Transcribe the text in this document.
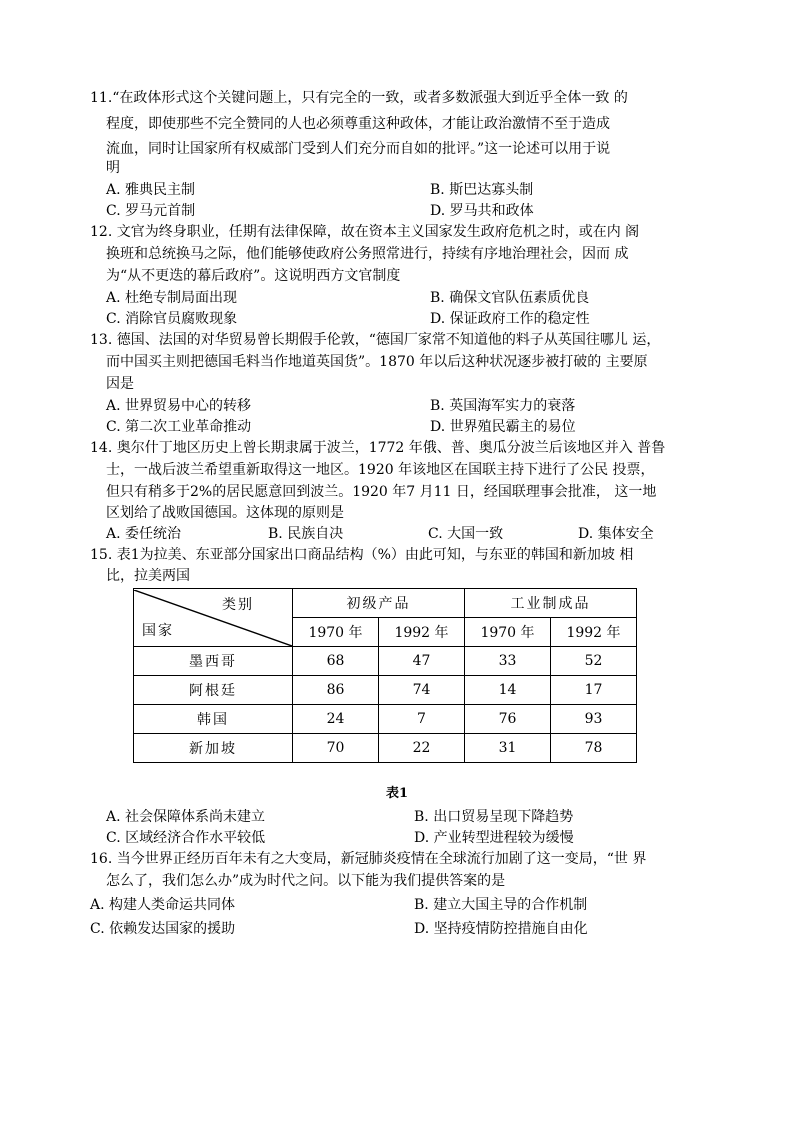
11.“在政体形式这个关键问题上，只有完全的一致，或者多数派强大到近乎全体一致 的
程度，即使那些不完全赞同的人也必须尊重这种政体，才能让政治激情不至于造成
流血，同时让国家所有权威部门受到人们充分而自如的批评。”这一论述可以用于说
明
A. 雅典民主制	B. 斯巴达寡头制
C. 罗马元首制	D. 罗马共和政体
12. 文官为终身职业，任期有法律保障，故在资本主义国家发生政府危机之时，或在内 阁
换班和总统换马之际，他们能够使政府公务照常进行，持续有序地治理社会，因而 成
为“从不更迭的幕后政府”。这说明西方文官制度
A. 杜绝专制局面出现	B. 确保文官队伍素质优良
C. 消除官员腐败现象	D. 保证政府工作的稳定性
13. 德国、法国的对华贸易曾长期假手伦敦，“德国厂家常不知道他的料子从英国往哪儿 运，
而中国买主则把德国毛料当作地道英国货”。1870 年以后这种状况逐步被打破的 主要原
因是
A. 世界贸易中心的转移	B. 英国海军实力的衰落
C. 第二次工业革命推动	D. 世界殖民霸主的易位
14. 奥尔什丁地区历史上曾长期隶属于波兰，1772 年俄、普、奥瓜分波兰后该地区并入 普鲁
士，一战后波兰希望重新取得这一地区。1920 年该地区在国联主持下进行了公民 投票，
但只有稍多于2%的居民愿意回到波兰。1920 年7 月11 日，经国联理事会批准， 这一地
区划给了战败国德国。这体现的原则是
A. 委任统治	B. 民族自决	C. 大国一致	D. 集体安全
15. 表1为拉美、东亚部分国家出口商品结构（%）由此可知，与东亚的韩国和新加坡 相
比，拉美两国
类别
国家	初级产品		工业制成品	
	1970 年	1992 年	1970 年	1992 年
墨西哥	68	47	33	52
阿根廷	86	74	14	17
韩国	24	7	76	93
新加坡	70	22	31	78
表1
A. 社会保障体系尚未建立	B. 出口贸易呈现下降趋势
C. 区域经济合作水平较低	D. 产业转型进程较为缓慢
16. 当今世界正经历百年未有之大变局，新冠肺炎疫情在全球流行加剧了这一变局，“世 界
怎么了，我们怎么办”成为时代之问。以下能为我们提供答案的是
A. 构建人类命运共同体	B. 建立大国主导的合作机制
C. 依赖发达国家的援助	D. 坚持疫情防控措施自由化
